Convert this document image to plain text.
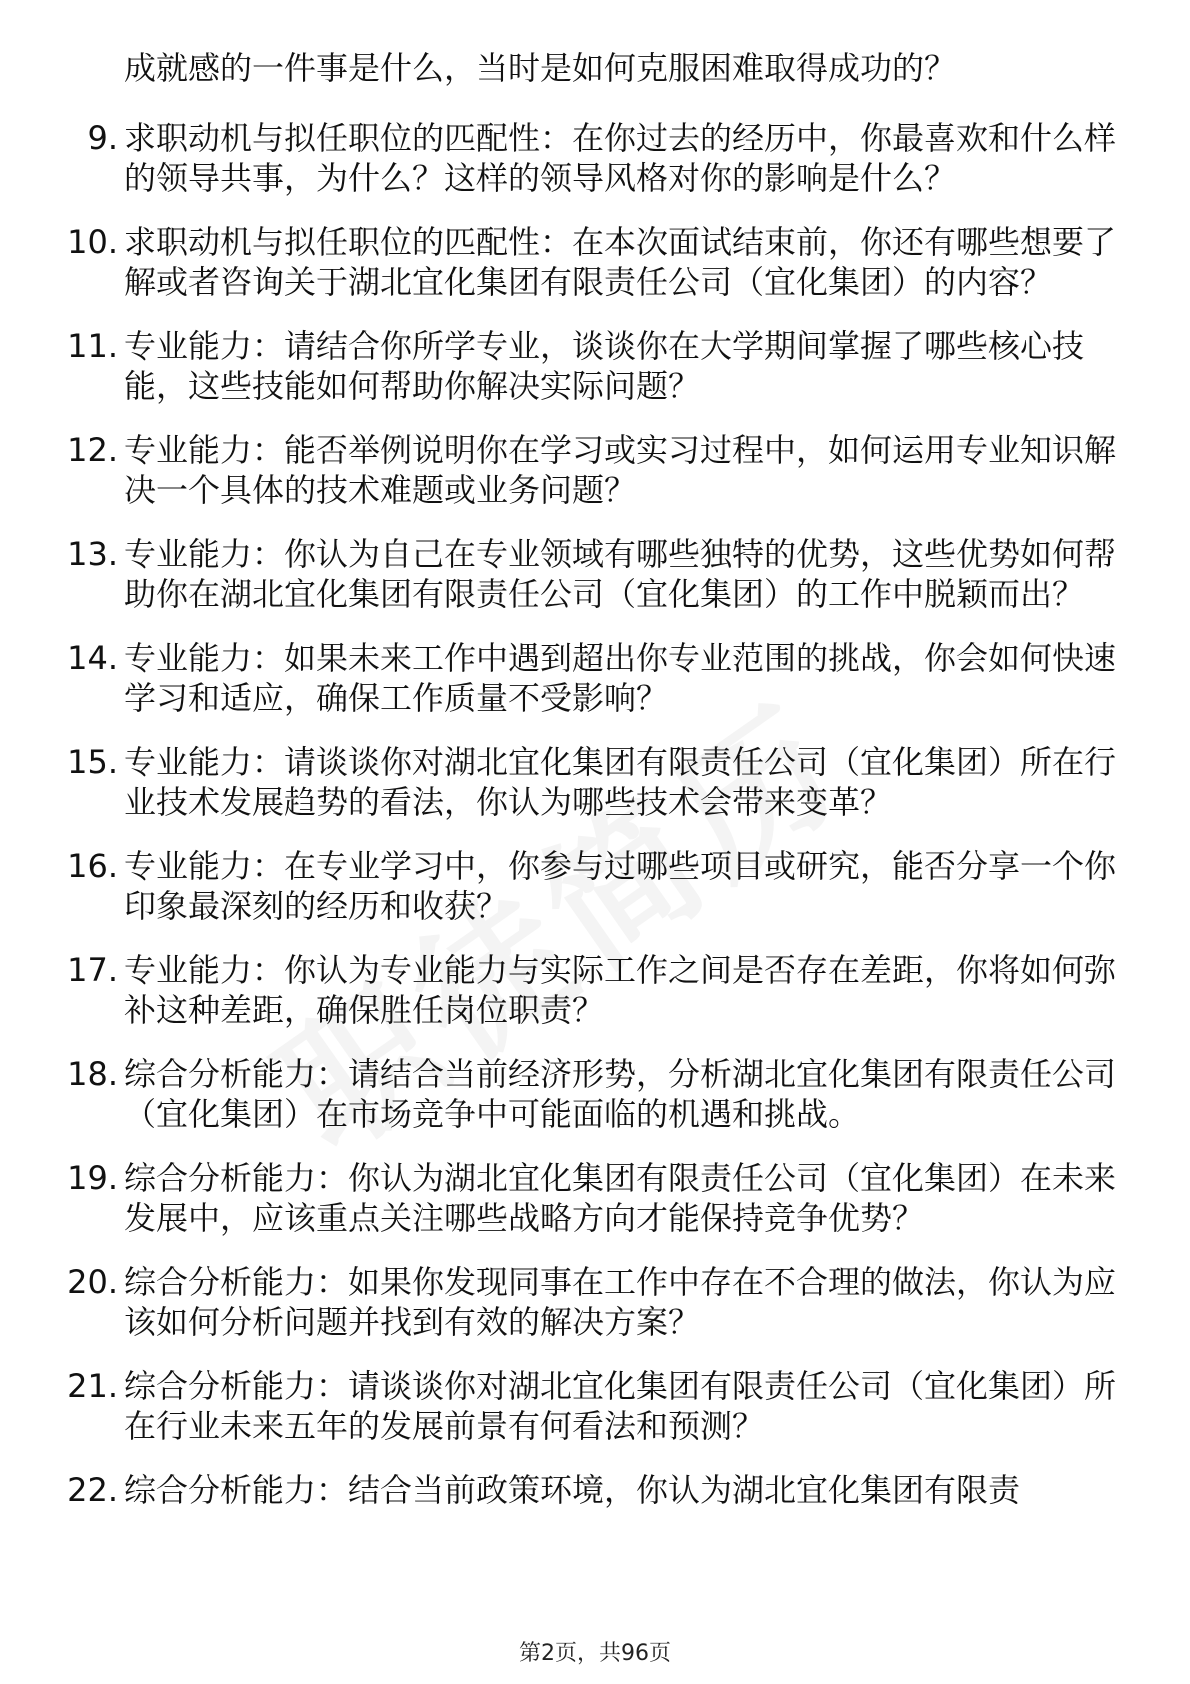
成就感的一件事是什么，当时是如何克服困难取得成功的？
9. 求职动机与拟任职位的匹配性：在你过去的经历中，你最喜欢和什么样的领导共事，为什么？这样的领导风格对你的影响是什么？
10. 求职动机与拟任职位的匹配性：在本次面试结束前，你还有哪些想要了解或者咨询关于湖北宜化集团有限责任公司（宜化集团）的内容？
11. 专业能力：请结合你所学专业，谈谈你在大学期间掌握了哪些核心技能，这些技能如何帮助你解决实际问题？
12. 专业能力：能否举例说明你在学习或实习过程中，如何运用专业知识解决一个具体的技术难题或业务问题？
13. 专业能力：你认为自己在专业领域有哪些独特的优势，这些优势如何帮助你在湖北宜化集团有限责任公司（宜化集团）的工作中脱颖而出？
14. 专业能力：如果未来工作中遇到超出你专业范围的挑战，你会如何快速学习和适应，确保工作质量不受影响？
15. 专业能力：请谈谈你对湖北宜化集团有限责任公司（宜化集团）所在行业技术发展趋势的看法，你认为哪些技术会带来变革？
16. 专业能力：在专业学习中，你参与过哪些项目或研究，能否分享一个你印象最深刻的经历和收获？
17. 专业能力：你认为专业能力与实际工作之间是否存在差距，你将如何弥补这种差距，确保胜任岗位职责？
18. 综合分析能力：请结合当前经济形势，分析湖北宜化集团有限责任公司（宜化集团）在市场竞争中可能面临的机遇和挑战。
19. 综合分析能力：你认为湖北宜化集团有限责任公司（宜化集团）在未来发展中，应该重点关注哪些战略方向才能保持竞争优势？
20. 综合分析能力：如果你发现同事在工作中存在不合理的做法，你认为应该如何分析问题并找到有效的解决方案？
21. 综合分析能力：请谈谈你对湖北宜化集团有限责任公司（宜化集团）所在行业未来五年的发展前景有何看法和预测？
22. 综合分析能力：结合当前政策环境，你认为湖北宜化集团有限责
第2页，共96页
